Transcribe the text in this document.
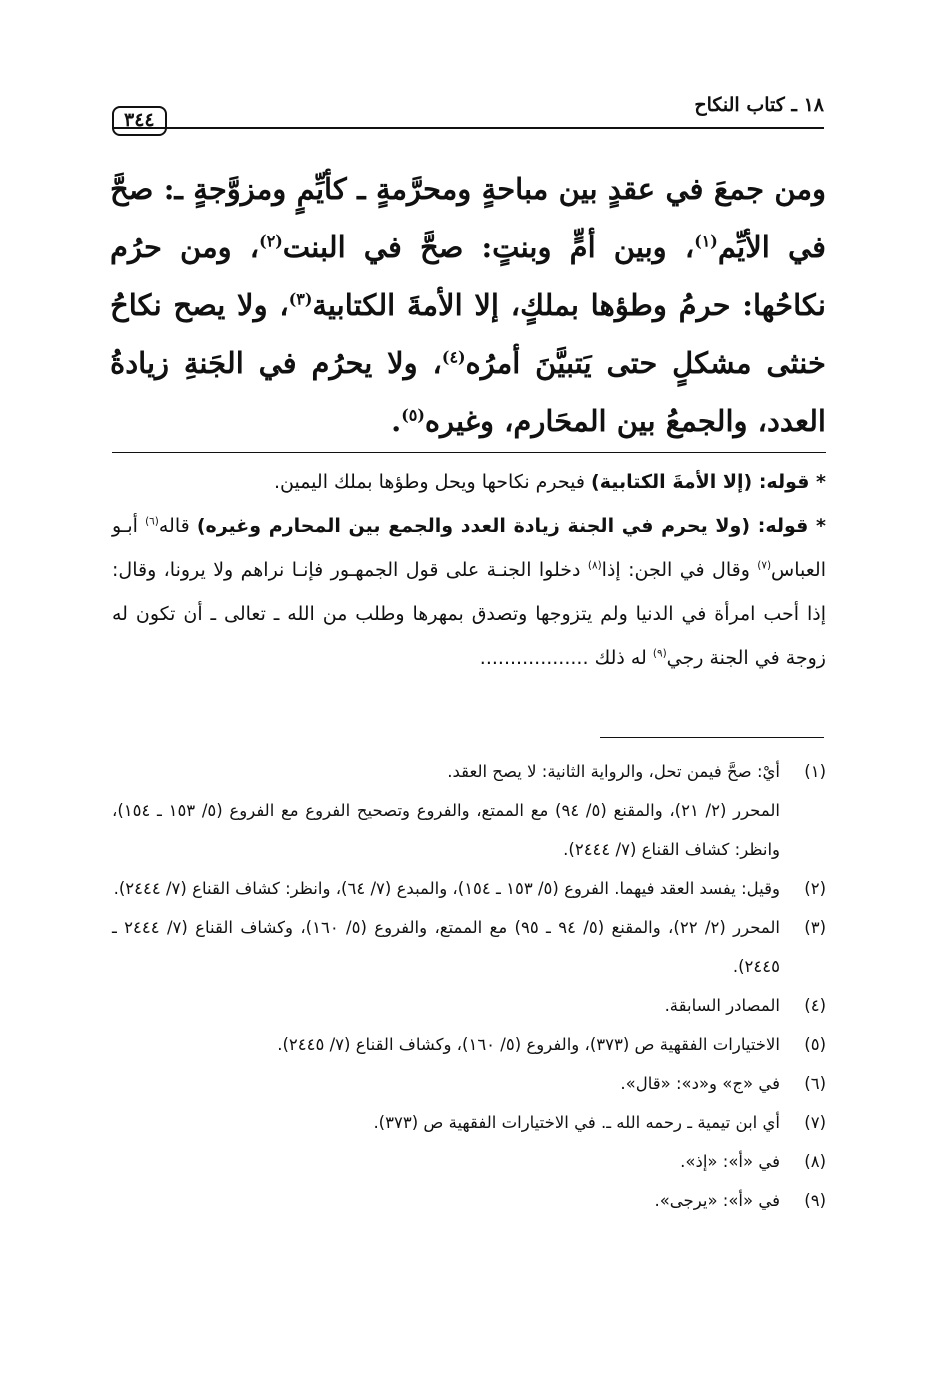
١٨ ـ كتاب النكاح
٣٤٤
ومن جمعَ في عقدٍ بين مباحةٍ ومحرَّمةٍ ـ كأيِّمٍ ومزوَّجةٍ ـ: صحَّ في الأيِّم$^{(١)}$، وبين أمٍّ وبنتٍ: صحَّ في البنت$^{(٢)}$، ومن حرُم نكاحُها: حرمُ وطؤها بملكٍ، إلا الأمةَ الكتابية$^{(٣)}$، ولا يصح نكاحُ خنثى مشكلٍ حتى يَتبيَّنَ أمرُه$^{(٤)}$، ولا يحرُم في الجَنةِ زيادةُ العدد، والجمعُ بين المحَارم، وغيره$^{(٥)}$.

* قوله: (إلا الأمةَ الكتابية) فيحرم نكاحها ويحل وطؤها بملك اليمين.

* قوله: (ولا يحرم في الجنة زيادة العدد والجمع بين المحارم وغيره) قاله$^{(٦)}$ أبـو العباس$^{(٧)}$ وقال في الجن: إذا$^{(٨)}$ دخلوا الجنـة على قول الجمهـور فإنـا نراهم ولا يرونا، وقال: إذا أحب امرأة في الدنيا ولم يتزوجها وتصدق بمهرها وطلب من الله ـ تعالى ـ أن تكون له زوجة في الجنة رجي$^{(٩)}$ له ذلك ..................

(١)
أيْ: صحَّ فيمن تحل، والرواية الثانية: لا يصح العقد.
المحرر (٢/ ٢١)، والمقنع (٥/ ٩٤) مع الممتع، والفروع وتصحيح الفروع مع الفروع (٥/ ١٥٣ ـ ١٥٤)، وانظر: كشاف القناع (٧/ ٢٤٤٤).
(٢)
وقيل: يفسد العقد فيهما. الفروع (٥/ ١٥٣ ـ ١٥٤)، والمبدع (٧/ ٦٤)، وانظر: كشاف القناع (٧/ ٢٤٤٤).
(٣)
المحرر (٢/ ٢٢)، والمقنع (٥/ ٩٤ ـ ٩٥) مع الممتع، والفروع (٥/ ١٦٠)، وكشاف القناع (٧/ ٢٤٤٤ ـ ٢٤٤٥).
(٤)
المصادر السابقة.
(٥)
الاختيارات الفقهية ص (٣٧٣)، والفروع (٥/ ١٦٠)، وكشاف القناع (٧/ ٢٤٤٥).
(٦)
في «ج» و«د»: «قال».
(٧)
أي ابن تيمية ـ رحمه الله ـ. في الاختيارات الفقهية ص (٣٧٣).
(٨)
في «أ»: «إذ».
(٩)
في «أ»: «يرجى».
